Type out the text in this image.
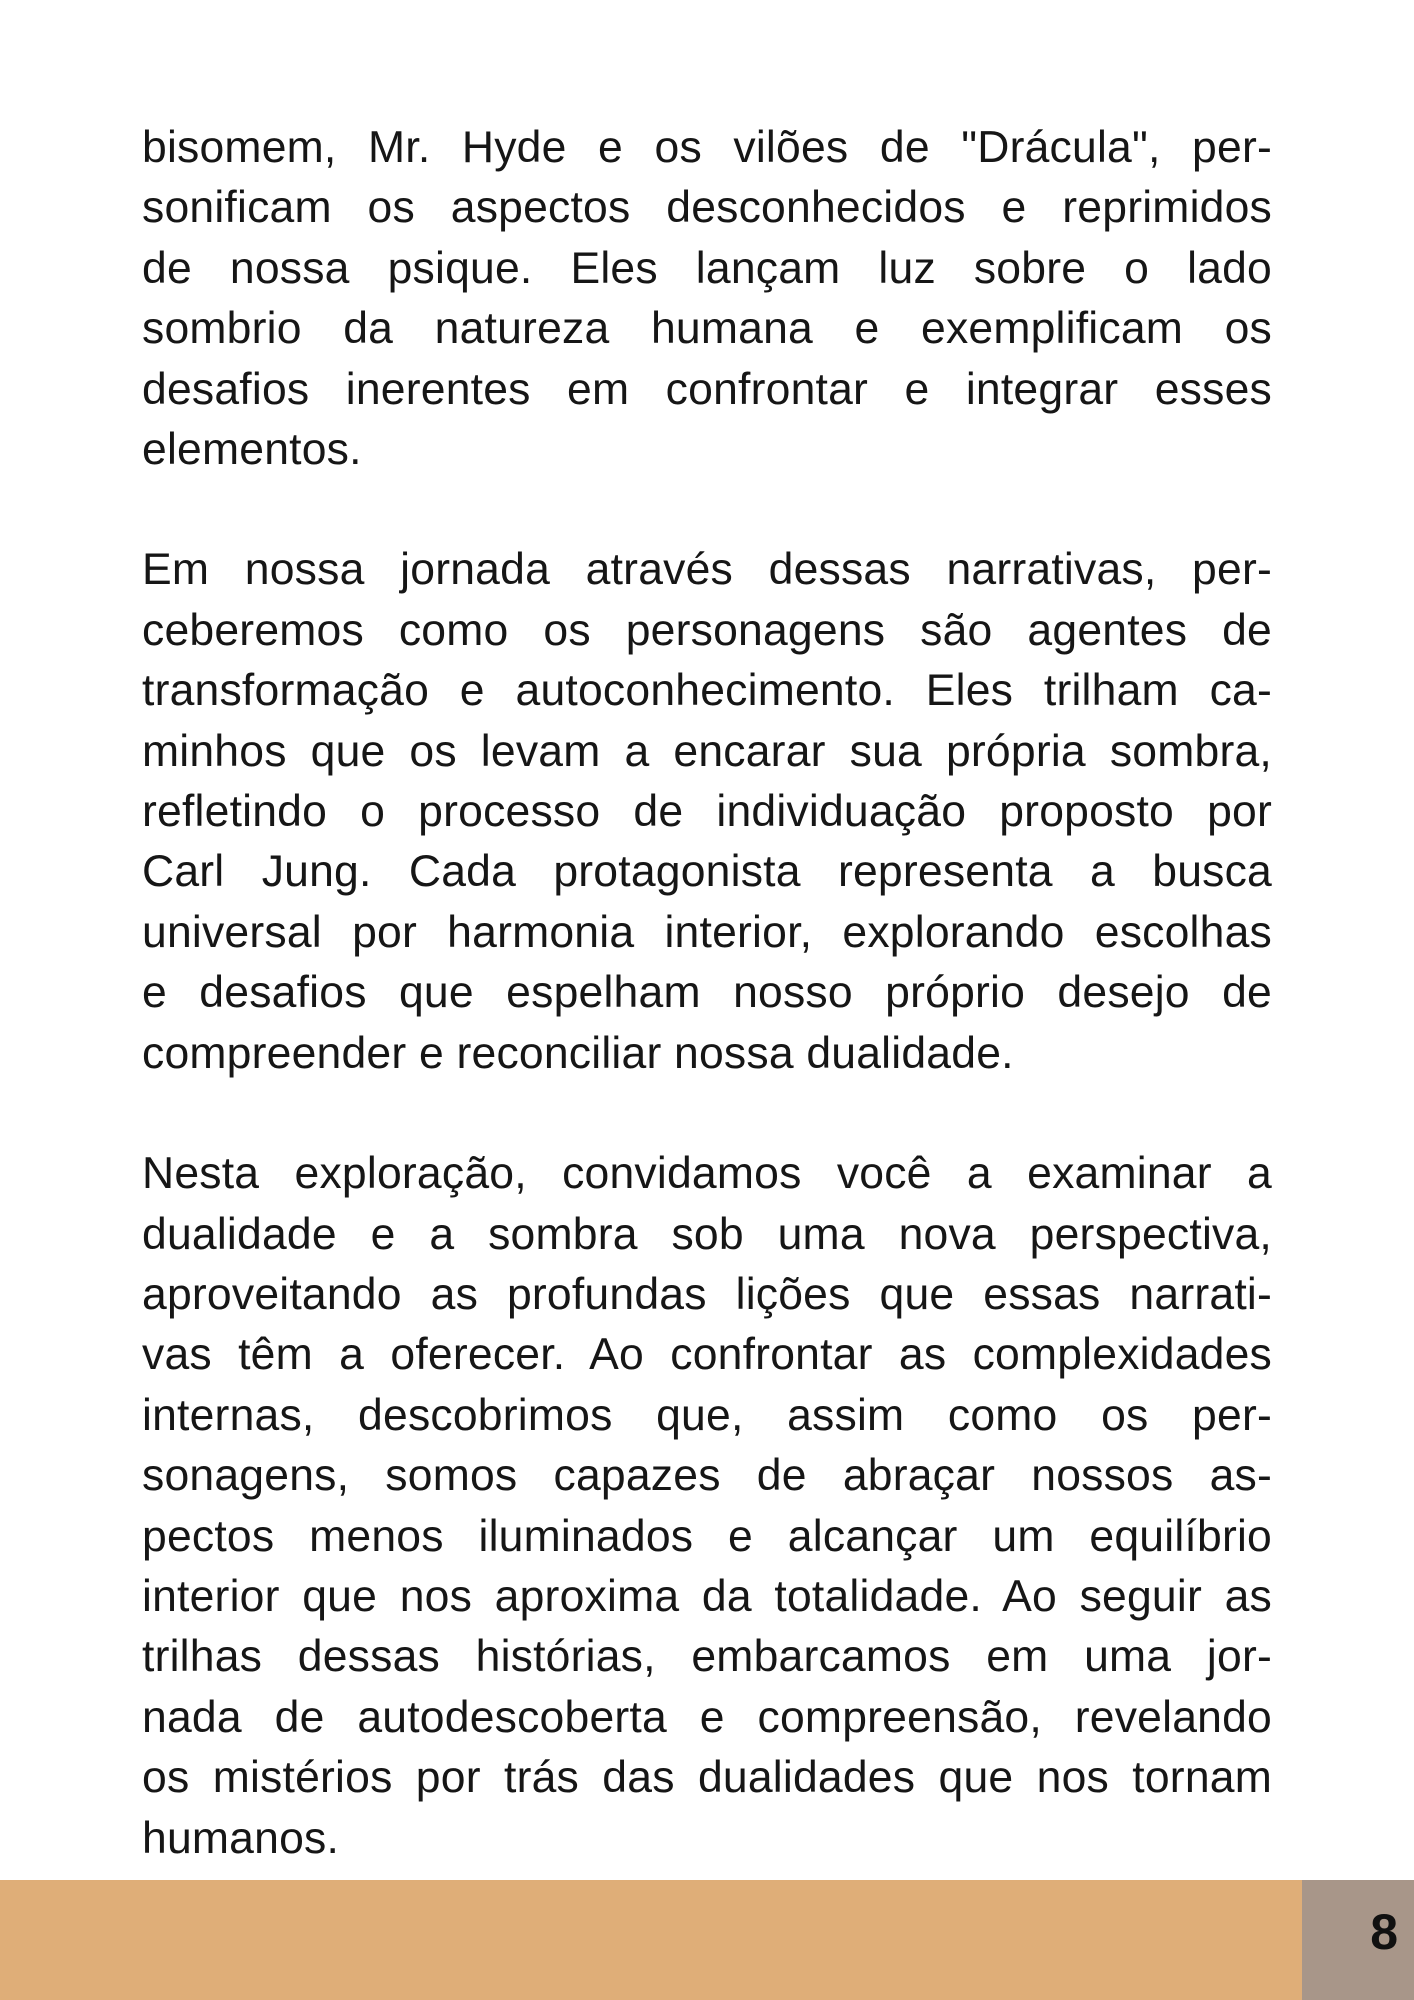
bisomem, Mr. Hyde e os vilões de "Drácula", per-
sonificam os aspectos desconhecidos e reprimidos
de nossa psique. Eles lançam luz sobre o lado
sombrio da natureza humana e exemplificam os
desafios inerentes em confrontar e integrar esses
elementos.
Em nossa jornada através dessas narrativas, per-
ceberemos como os personagens são agentes de
transformação e autoconhecimento. Eles trilham ca-
minhos que os levam a encarar sua própria sombra,
refletindo o processo de individuação proposto por
Carl Jung. Cada protagonista representa a busca
universal por harmonia interior, explorando escolhas
e desafios que espelham nosso próprio desejo de
compreender e reconciliar nossa dualidade.
Nesta exploração, convidamos você a examinar a
dualidade e a sombra sob uma nova perspectiva,
aproveitando as profundas lições que essas narrati-
vas têm a oferecer. Ao confrontar as complexidades
internas, descobrimos que, assim como os per-
sonagens, somos capazes de abraçar nossos as-
pectos menos iluminados e alcançar um equilíbrio
interior que nos aproxima da totalidade. Ao seguir as
trilhas dessas histórias, embarcamos em uma jor-
nada de autodescoberta e compreensão, revelando
os mistérios por trás das dualidades que nos tornam
humanos.
8
